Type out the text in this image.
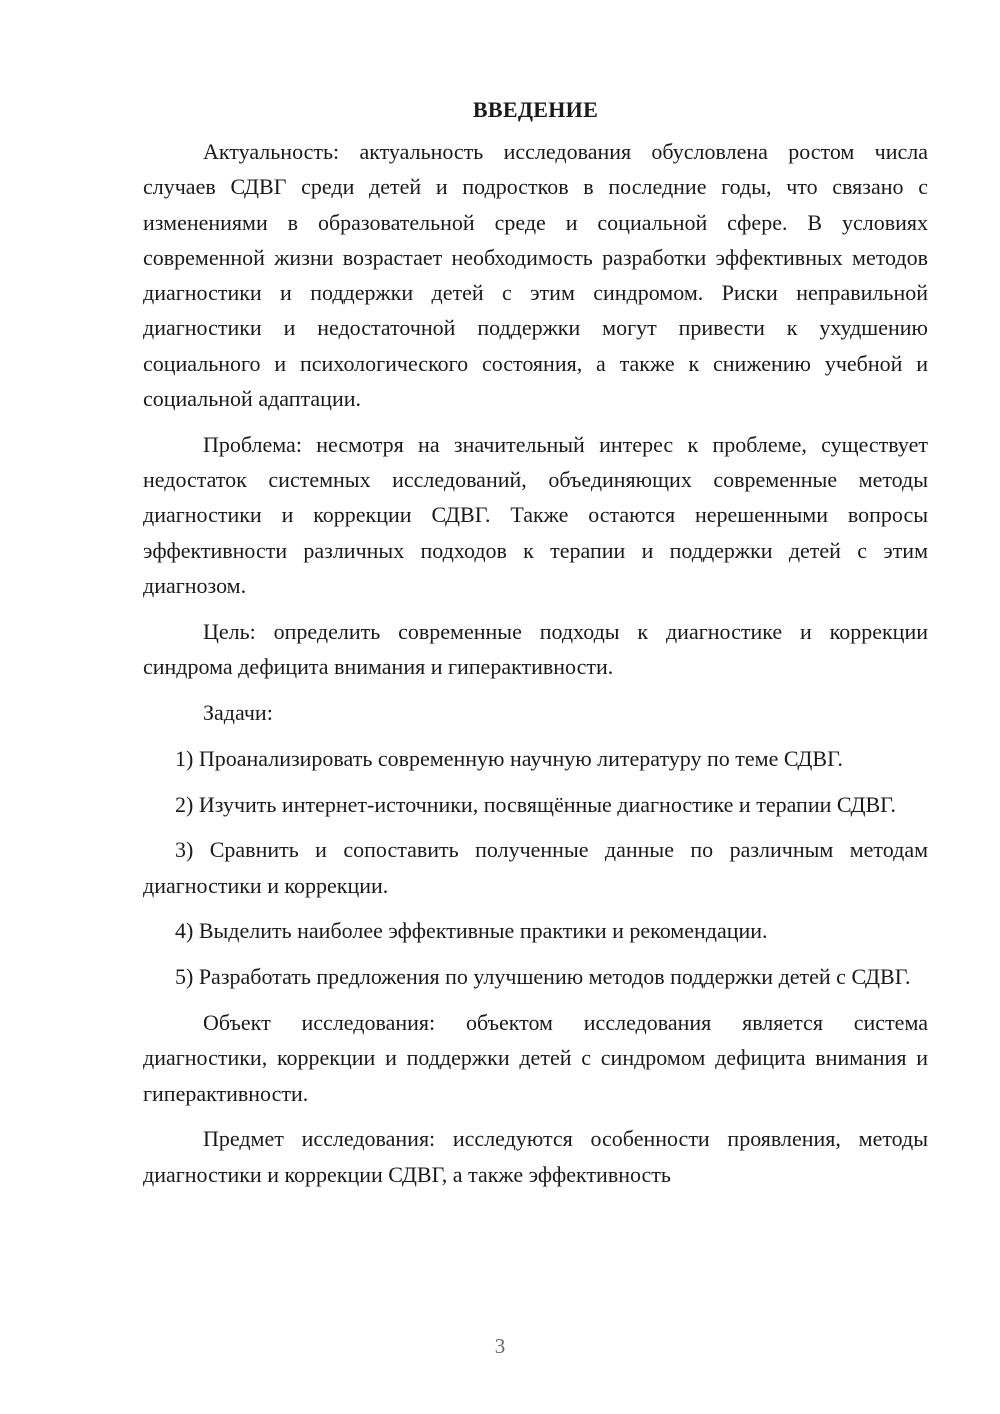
ВВЕДЕНИЕ

Актуальность: актуальность исследования обусловлена ростом числа случаев СДВГ среди детей и подростков в последние годы, что связано с изменениями в образовательной среде и социальной сфере. В условиях современной жизни возрастает необходимость разработки эффективных методов диагностики и поддержки детей с этим синдромом. Риски неправильной диагностики и недостаточной поддержки могут привести к ухудшению социального и психологического состояния, а также к снижению учебной и социальной адаптации.

Проблема: несмотря на значительный интерес к проблеме, существует недостаток системных исследований, объединяющих современные методы диагностики и коррекции СДВГ. Также остаются нерешенными вопросы эффективности различных подходов к терапии и поддержки детей с этим диагнозом.

Цель: определить современные подходы к диагностике и коррекции синдрома дефицита внимания и гиперактивности.

Задачи:

1) Проанализировать современную научную литературу по теме СДВГ.

2) Изучить интернет-источники, посвящённые диагностике и терапии СДВГ.

3) Сравнить и сопоставить полученные данные по различным методам диагностики и коррекции.

4) Выделить наиболее эффективные практики и рекомендации.

5) Разработать предложения по улучшению методов поддержки детей с СДВГ.

Объект исследования: объектом исследования является система диагностики, коррекции и поддержки детей с синдромом дефицита внимания и гиперактивности.

Предмет исследования: исследуются особенности проявления, методы диагностики и коррекции СДВГ, а также эффективность

3
